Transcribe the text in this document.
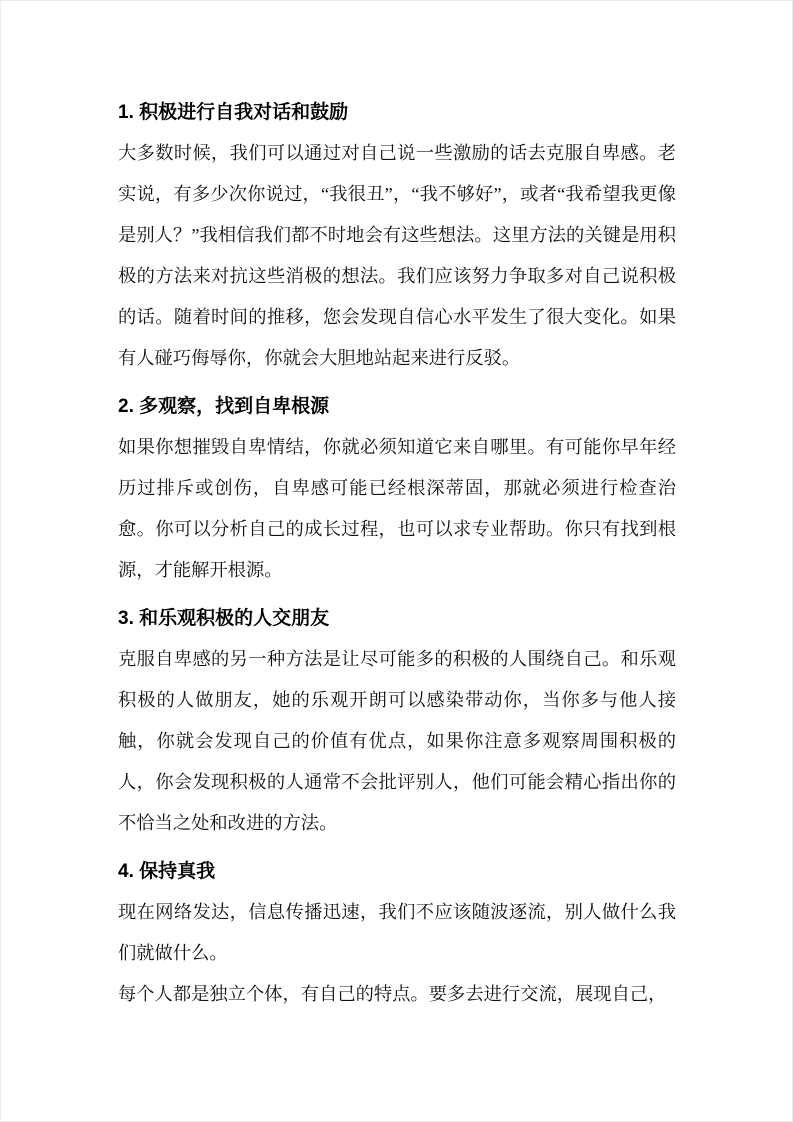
1. 积极进行自我对话和鼓励

大多数时候，我们可以通过对自己说一些激励的话去克服自卑感。老实说，有多少次你说过，“我很丑”，“我不够好”，或者“我希望我更像是别人？”我相信我们都不时地会有这些想法。这里方法的关键是用积极的方法来对抗这些消极的想法。我们应该努力争取多对自己说积极的话。随着时间的推移，您会发现自信心水平发生了很大变化。如果有人碰巧侮辱你，你就会大胆地站起来进行反驳。

2. 多观察，找到自卑根源

如果你想摧毁自卑情结，你就必须知道它来自哪里。有可能你早年经历过排斥或创伤，自卑感可能已经根深蒂固，那就必须进行检查治愈。你可以分析自己的成长过程，也可以求专业帮助。你只有找到根源，才能解开根源。

3. 和乐观积极的人交朋友

克服自卑感的另一种方法是让尽可能多的积极的人围绕自己。和乐观积极的人做朋友，她的乐观开朗可以感染带动你，当你多与他人接触，你就会发现自己的价值有优点，如果你注意多观察周围积极的人，你会发现积极的人通常不会批评别人，他们可能会精心指出你的不恰当之处和改进的方法。

4. 保持真我

现在网络发达，信息传播迅速，我们不应该随波逐流，别人做什么我们就做什么。

每个人都是独立个体，有自己的特点。要多去进行交流，展现自己，
